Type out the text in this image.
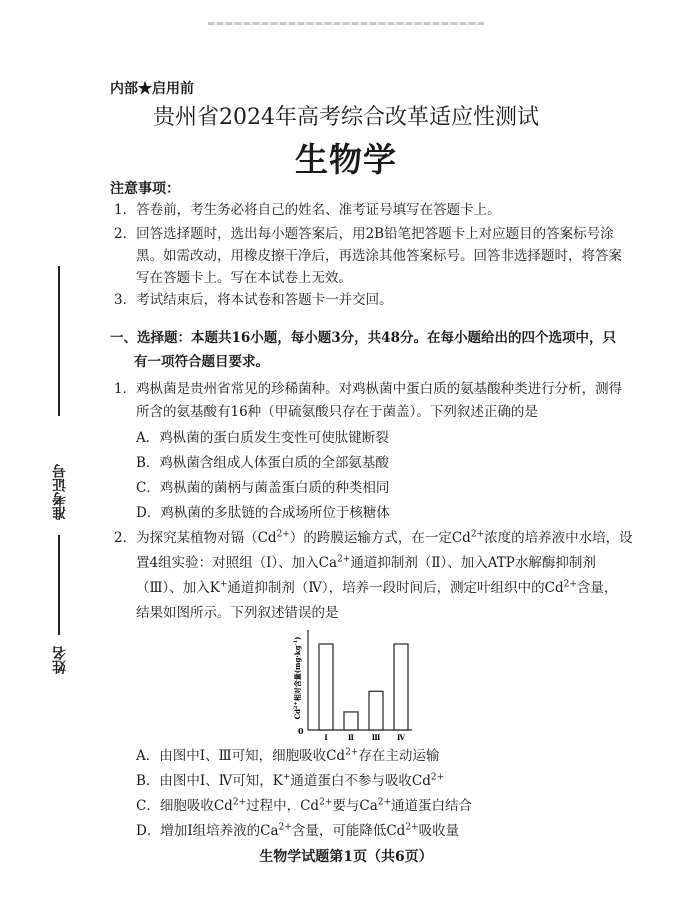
内部★启用前
贵州省2024年高考综合改革适应性测试
生物学
注意事项：
1．答卷前，考生务必将自己的姓名、准考证号填写在答题卡上。
2．回答选择题时，选出每小题答案后，用2B铅笔把答题卡上对应题目的答案标号涂
黑。如需改动，用橡皮擦干净后，再选涂其他答案标号。回答非选择题时，将答案
写在答题卡上。写在本试卷上无效。
3．考试结束后，将本试卷和答题卡一并交回。
准考证号
姓名
一、选择题：本题共16小题，每小题3分，共48分。在每小题给出的四个选项中，只
有一项符合题目要求。
1．鸡枞菌是贵州省常见的珍稀菌种。对鸡枞菌中蛋白质的氨基酸种类进行分析，测得
所含的氨基酸有16种（甲硫氨酸只存在于菌盖）。下列叙述正确的是
A．鸡枞菌的蛋白质发生变性可使肽键断裂
B．鸡枞菌含组成人体蛋白质的全部氨基酸
C．鸡枞菌的菌柄与菌盖蛋白质的种类相同
D．鸡枞菌的多肽链的合成场所位于核糖体
2．为探究某植物对镉$(Cd^{2+})$的跨膜运输方式，在一定$Cd^{2+}$浓度的培养液中水培，设
置4组实验：对照组（Ⅰ）、加入$Ca^{2+}$通道抑制剂（Ⅱ）、加入ATP水解酶抑制剂
（Ⅲ）、加入K+通道抑制剂（Ⅳ），培养一段时间后，测定叶组织中的$Cd^{2+}$含量，
结果如图所示。下列叙述错误的是
$Cd^{2+}$相对含量$(mg\cdot kg^{-1})$
0
Ⅰ	Ⅱ	Ⅲ Ⅳ
A．由图中Ⅰ、Ⅲ可知，细胞吸收$Cd^{2+}$存在主动运输
B．由图中Ⅰ、Ⅳ可知，K+通道蛋白不参与吸收$Cd^{2+}$
C．细胞吸收$Cd^{2+}$过程中，$Cd^{2+}$要与$Ca^{2+}$通道蛋白结合
D．增加Ⅰ组培养液的$Ca^{2+}$含量，可能降低$Cd^{2+}$吸收量
生物学试题第1页（共6页）
